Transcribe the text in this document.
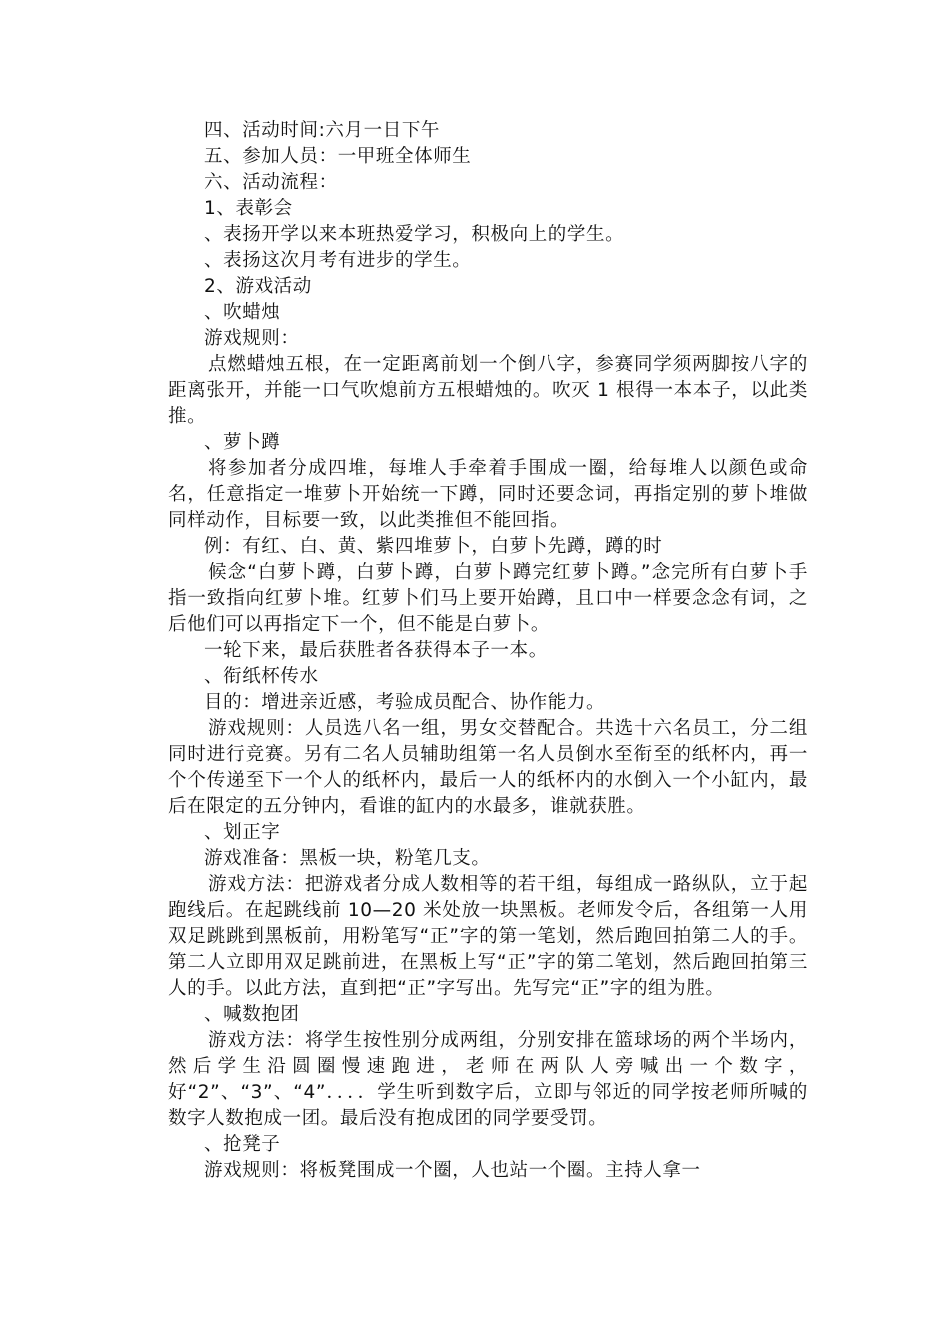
四、活动时间:六月一日下午

五、参加人员：一甲班全体师生

六、活动流程：

1、表彰会

、表扬开学以来本班热爱学习，积极向上的学生。

、表扬这次月考有进步的学生。

2、游戏活动

、吹蜡烛

游戏规则：

点燃蜡烛五根，在一定距离前划一个倒八字，参赛同学须两脚按八字的距离张开，并能一口气吹熄前方五根蜡烛的。吹灭 1 根得一本本子，以此类推。

、萝卜蹲

将参加者分成四堆，每堆人手牵着手围成一圈，给每堆人以颜色或命名，任意指定一堆萝卜开始统一下蹲，同时还要念词，再指定别的萝卜堆做同样动作，目标要一致，以此类推但不能回指。

例：有红、白、黄、紫四堆萝卜，白萝卜先蹲，蹲的时

候念“白萝卜蹲，白萝卜蹲，白萝卜蹲完红萝卜蹲。”念完所有白萝卜手指一致指向红萝卜堆。红萝卜们马上要开始蹲，且口中一样要念念有词，之后他们可以再指定下一个，但不能是白萝卜。

一轮下来，最后获胜者各获得本子一本。

、衔纸杯传水

目的：增进亲近感，考验成员配合、协作能力。

游戏规则：人员选八名一组，男女交替配合。共选十六名员工，分二组同时进行竞赛。另有二名人员辅助组第一名人员倒水至衔至的纸杯内，再一个个传递至下一个人的纸杯内，最后一人的纸杯内的水倒入一个小缸内，最后在限定的五分钟内，看谁的缸内的水最多，谁就获胜。

、划正字

游戏准备：黑板一块，粉笔几支。

游戏方法：把游戏者分成人数相等的若干组，每组成一路纵队，立于起跑线后。在起跳线前 10—20 米处放一块黑板。老师发令后，各组第一人用双足跳跳到黑板前，用粉笔写“正”字的第一笔划，然后跑回拍第二人的手。第二人立即用双足跳前进，在黑板上写“正”字的第二笔划，然后跑回拍第三人的手。以此方法，直到把“正”字写出。先写完“正”字的组为胜。

、喊数抱团

游戏方法：将学生按性别分成两组，分别安排在篮球场的两个半场内，然后学生沿圆圈慢速跑进，老师在两队人旁喊出一个数字，好“2”、“3”、“4”．．．．学生听到数字后，立即与邻近的同学按老师所喊的数字人数抱成一团。最后没有抱成团的同学要受罚。

、抢凳子

游戏规则：将板凳围成一个圈，人也站一个圈。主持人拿一
